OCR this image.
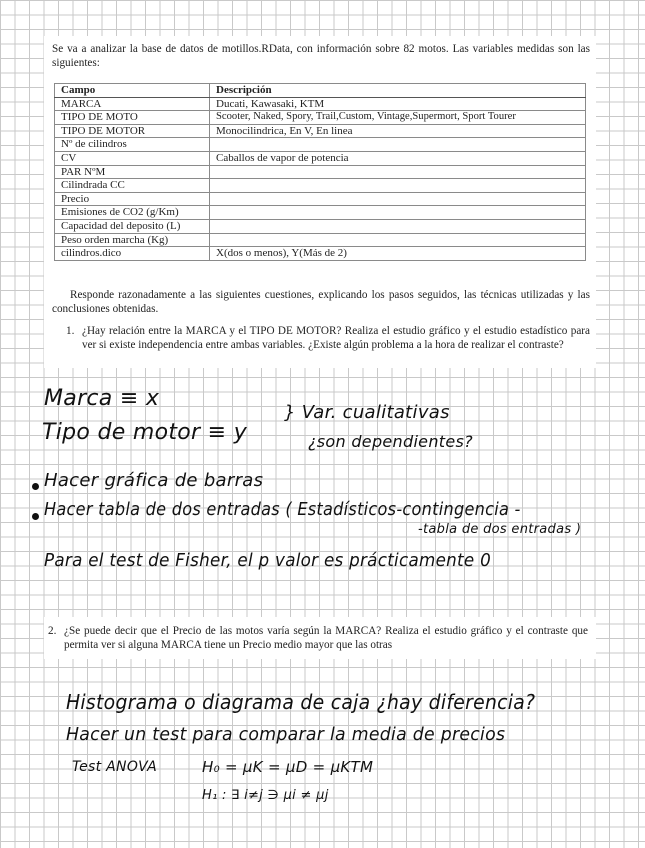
Se va a analizar la base de datos de motillos.RData, con información sobre 82 motos. Las variables medidas son las siguientes:
Campo	Descripción
MARCA	Ducati, Kawasaki, KTM
TIPO DE MOTO	Scooter, Naked, Spory, Trail,Custom, Vintage,Supermort, Sport Tourer
TIPO DE MOTOR	Monocilindrica, En V, En linea
Nº de cilindros	
CV	Caballos de vapor de potencia
PAR NºM	
Cilindrada CC	
Precio	
Emisiones de CO2 (g/Km)	
Capacidad del deposito (L)	
Peso orden marcha (Kg)	
cilindros.dico	X(dos o menos), Y(Más de 2)
Responde razonadamente a las siguientes cuestiones, explicando los pasos seguidos, las técnicas utilizadas y las conclusiones obtenidas.
1. ¿Hay relación entre la MARCA y el TIPO DE MOTOR? Realiza el estudio gráfico y el estudio estadístico para ver si existe independencia entre ambas variables. ¿Existe algún problema a la hora de realizar el contraste?
2. ¿Se puede decir que el Precio de las motos varía según la MARCA? Realiza el estudio gráfico y el contraste que permita ver si alguna MARCA tiene un Precio medio mayor que las otras
Marca ≡ x
Tipo de motor ≡ y
} Var. cualitativas
¿son dependientes?
Hacer gráfica de barras
Hacer tabla de dos entradas ( Estadísticos-contingencia -
-tabla de dos entradas )
Para el test de Fisher, el p valor es prácticamente 0
Histograma o diagrama de caja ¿hay diferencia?
Hacer un test para comparar la media de precios
Test ANOVA	H₀ = μK = μD = μKTM
H₁ : ∃ i≠j ∋ μi ≠ μj
